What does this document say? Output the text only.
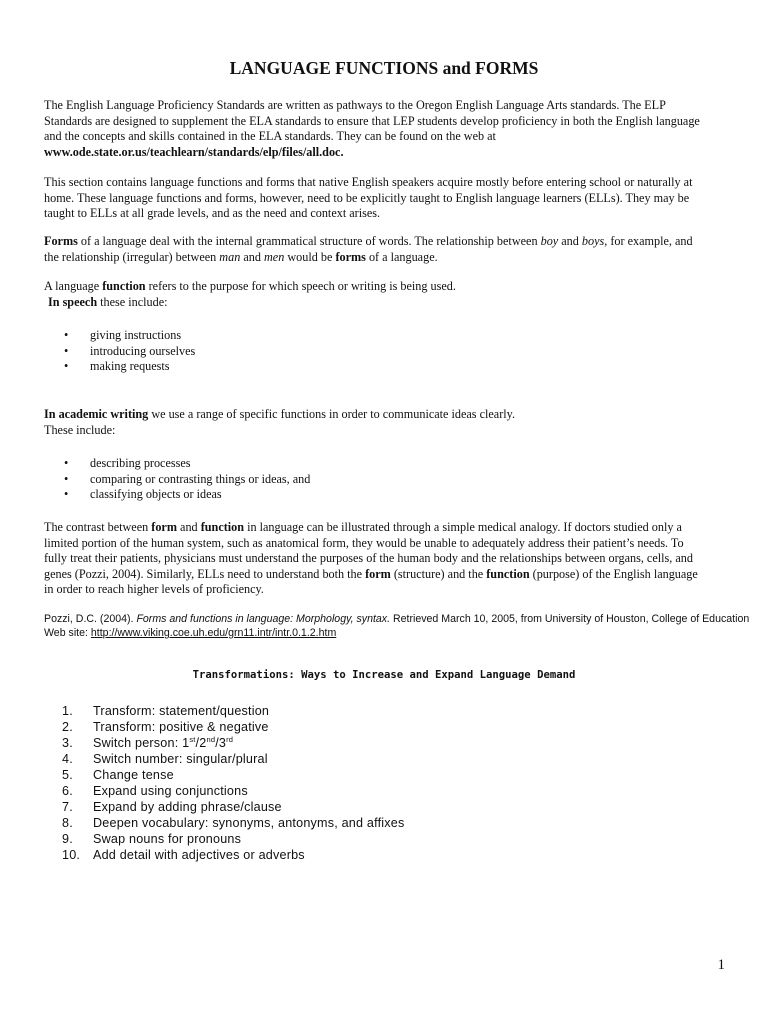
LANGUAGE FUNCTIONS and FORMS
The English Language Proficiency Standards are written as pathways to the Oregon English Language Arts standards. The ELP
Standards are designed to supplement the ELA standards to ensure that LEP students develop proficiency in both the English language
and the concepts and skills contained in the ELA standards. They can be found on the web at
www.ode.state.or.us/teachlearn/standards/elp/files/all.doc.
This section contains language functions and forms that native English speakers acquire mostly before entering school or naturally at
home. These language functions and forms, however, need to be explicitly taught to English language learners (ELLs). They may be
taught to ELLs at all grade levels, and as the need and context arises.
Forms of a language deal with the internal grammatical structure of words. The relationship between boy and boys, for example, and
the relationship (irregular) between man and men would be forms of a language.
A language function refers to the purpose for which speech or writing is being used.
In speech these include:
• giving instructions
• introducing ourselves
• making requests
In academic writing we use a range of specific functions in order to communicate ideas clearly.
These include:
• describing processes
• comparing or contrasting things or ideas, and
• classifying objects or ideas
The contrast between form and function in language can be illustrated through a simple medical analogy. If doctors studied only a
limited portion of the human system, such as anatomical form, they would be unable to adequately address their patient’s needs. To
fully treat their patients, physicians must understand the purposes of the human body and the relationships between organs, cells, and
genes (Pozzi, 2004). Similarly, ELLs need to understand both the form (structure) and the function (purpose) of the English language
in order to reach higher levels of proficiency.
Pozzi, D.C. (2004). Forms and functions in language: Morphology, syntax. Retrieved March 10, 2005, from University of Houston, College of Education
Web site: http://www.viking.coe.uh.edu/grn11.intr/intr.0.1.2.htm
Transformations: Ways to Increase and Expand Language Demand
1. Transform: statement/question
2. Transform: positive & negative
3. Switch person: 1st/2nd/3rd
4. Switch number: singular/plural
5. Change tense
6. Expand using conjunctions
7. Expand by adding phrase/clause
8. Deepen vocabulary: synonyms, antonyms, and affixes
9. Swap nouns for pronouns
10. Add detail with adjectives or adverbs
1
